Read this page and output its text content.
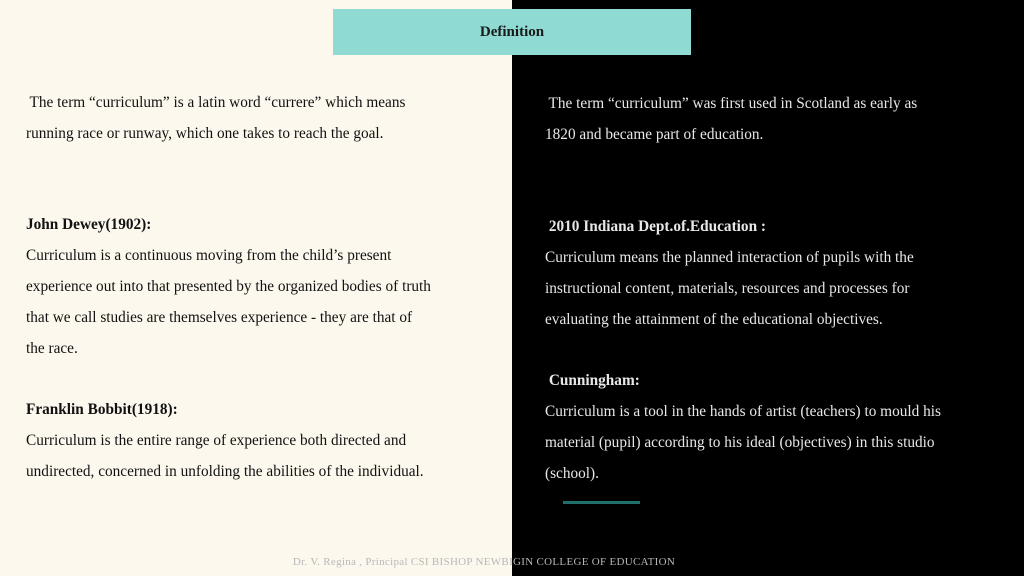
Definition
The term “curriculum” is a latin word “currere” which means
running race or runway, which one takes to reach the goal.
John Dewey(1902):
Curriculum is a continuous moving from the child’s present
experience out into that presented by the organized bodies of truth
that we call studies are themselves experience - they are that of
the race.
Franklin Bobbit(1918):
Curriculum is the entire range of experience both directed and
undirected, concerned in unfolding the abilities of the individual.
The term “curriculum” was first used in Scotland as early as
1820 and became part of education.
2010 Indiana Dept.of.Education :
Curriculum means the planned interaction of pupils with the
instructional content, materials, resources and processes for
evaluating the attainment of the educational objectives.
Cunningham:
Curriculum is a tool in the hands of artist (teachers) to mould his
material (pupil) according to his ideal (objectives) in this studio
(school).
Dr. V. Regina , Principal CSI BISHOP NEWBIGIN COLLEGE OF EDUCATION
